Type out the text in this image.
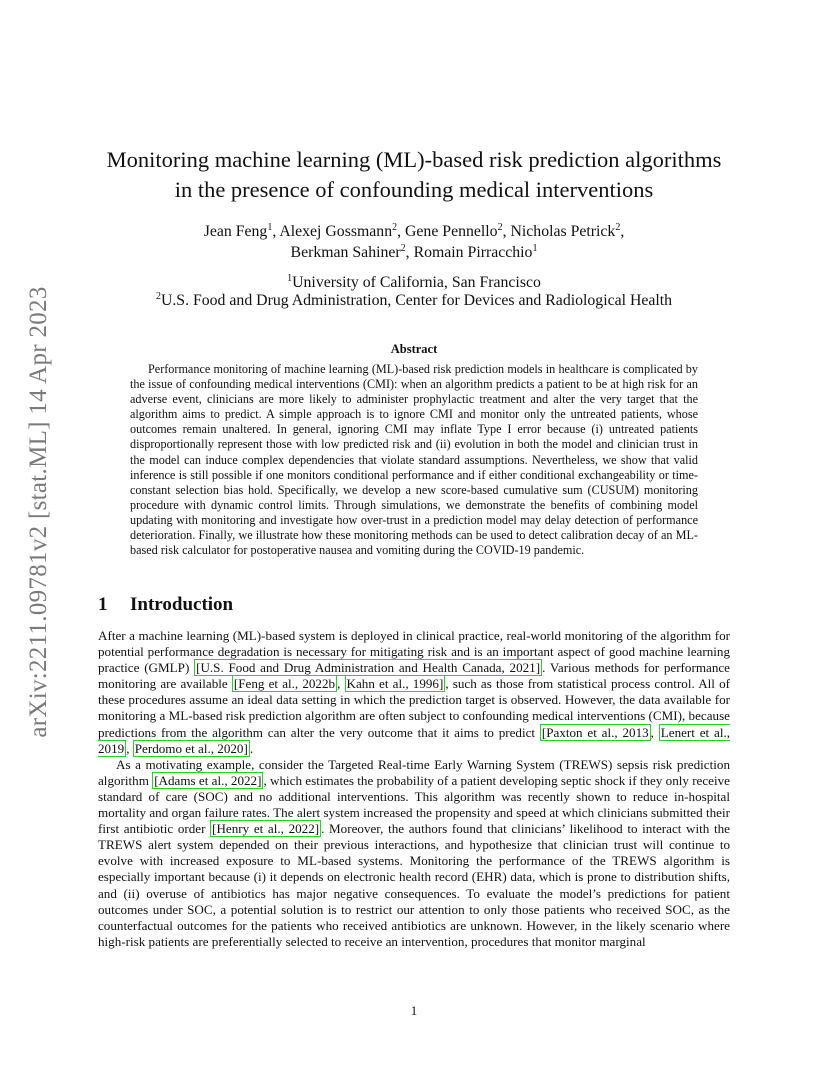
arXiv:2211.09781v2 [stat.ML] 14 Apr 2023
Monitoring machine learning (ML)-based risk prediction algorithms
in the presence of confounding medical interventions
Jean Feng$^1$, Alexej Gossmann$^2$, Gene Pennello$^2$, Nicholas Petrick$^2$,
Berkman Sahiner$^2$, Romain Pirracchio$^1$
$^1$University of California, San Francisco
$^2$U.S. Food and Drug Administration, Center for Devices and Radiological Health
Abstract

Performance monitoring of machine learning (ML)-based risk prediction models in healthcare is complicated by the issue of confounding medical interventions (CMI): when an algorithm predicts a patient to be at high risk for an adverse event, clinicians are more likely to administer prophylactic treatment and alter the very target that the algorithm aims to predict. A simple approach is to ignore CMI and monitor only the untreated patients, whose outcomes remain unaltered. In general, ignoring CMI may inflate Type I error because (i) untreated patients disproportionally represent those with low predicted risk and (ii) evolution in both the model and clinician trust in the model can induce complex dependencies that violate standard assumptions. Nevertheless, we show that valid inference is still possible if one monitors conditional performance and if either conditional exchangeability or time-constant selection bias hold. Specifically, we develop a new score-based cumulative sum (CUSUM) monitoring procedure with dynamic control limits. Through simulations, we demonstrate the benefits of combining model updating with monitoring and investigate how over-trust in a prediction model may delay detection of performance deterioration. Finally, we illustrate how these monitoring methods can be used to detect calibration decay of an ML-based risk calculator for postoperative nausea and vomiting during the COVID-19 pandemic.

1 Introduction

After a machine learning (ML)-based system is deployed in clinical practice, real-world monitoring of the algorithm for potential performance degradation is necessary for mitigating risk and is an important aspect of good machine learning practice (GMLP) [U.S. Food and Drug Administration and Health Canada, 2021] . Various methods for performance monitoring are available [Feng et al., 2022b , Kahn et al., 1996] , such as those from statistical process control. All of these procedures assume an ideal data setting in which the prediction target is observed. However, the data available for monitoring a ML-based risk prediction algorithm are often subject to confounding medical interventions (CMI), because predictions from the algorithm can alter the very outcome that it aims to predict [Paxton et al., 2013 , Lenert et al., 2019 , Perdomo et al., 2020] .

As a motivating example, consider the Targeted Real-time Early Warning System (TREWS) sepsis risk prediction algorithm [Adams et al., 2022] , which estimates the probability of a patient developing septic shock if they only receive standard of care (SOC) and no additional interventions. This algorithm was recently shown to reduce in-hospital mortality and organ failure rates. The alert system increased the propensity and speed at which clinicians submitted their first antibiotic order [Henry et al., 2022] . Moreover, the authors found that clinicians’ likelihood to interact with the TREWS alert system depended on their previous interactions, and hypothesize that clinician trust will continue to evolve with increased exposure to ML-based systems. Monitoring the performance of the TREWS algorithm is especially important because (i) it depends on electronic health record (EHR) data, which is prone to distribution shifts, and (ii) overuse of antibiotics has major negative consequences. To evaluate the model’s predictions for patient outcomes under SOC, a potential solution is to restrict our attention to only those patients who received SOC, as the counterfactual outcomes for the patients who received antibiotics are unknown. However, in the likely scenario where high-risk patients are preferentially selected to receive an intervention, procedures that monitor marginal

1
